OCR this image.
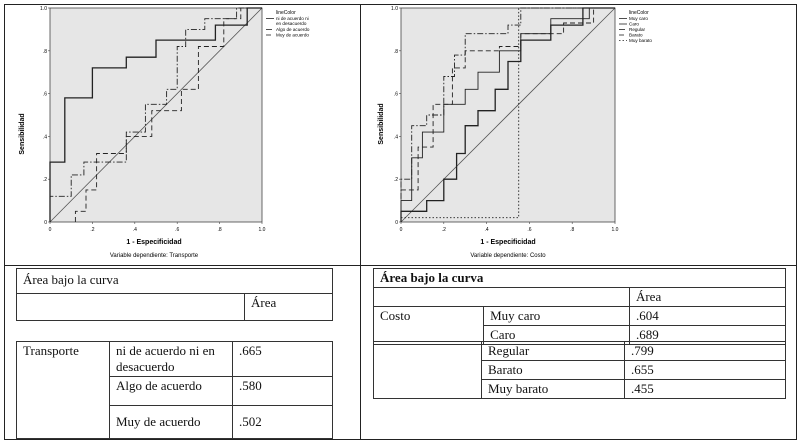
0	.2	.4	.6	.8	1.0
0
.2
.4
.6
.8
1.0
Sensibilidad
1 - Especificidad
Variable dependiente: Transporte
lineColor
ni de acuerdo ni en desacuerdo
Algo de acuerdo
Muy de acuerdo
0	.2	.4	.6	.8	1.0
0
.2
.4
.6
.8
1.0
Sensibilidad
1 - Especificidad
Variable dependiente: Costo
lineColor
Muy caro
Caro
Regular
Barato
Muy barato
Área bajo la curva
	Área
Transporte	ni de acuerdo ni en desacuerdo	.665
	Algo de acuerdo	.580
	Muy de acuerdo	.502
Área bajo la curva		
		Área
Costo	Muy caro	.604
	Caro	.689
	Regular	.799
	Barato	.655
	Muy barato	.455
